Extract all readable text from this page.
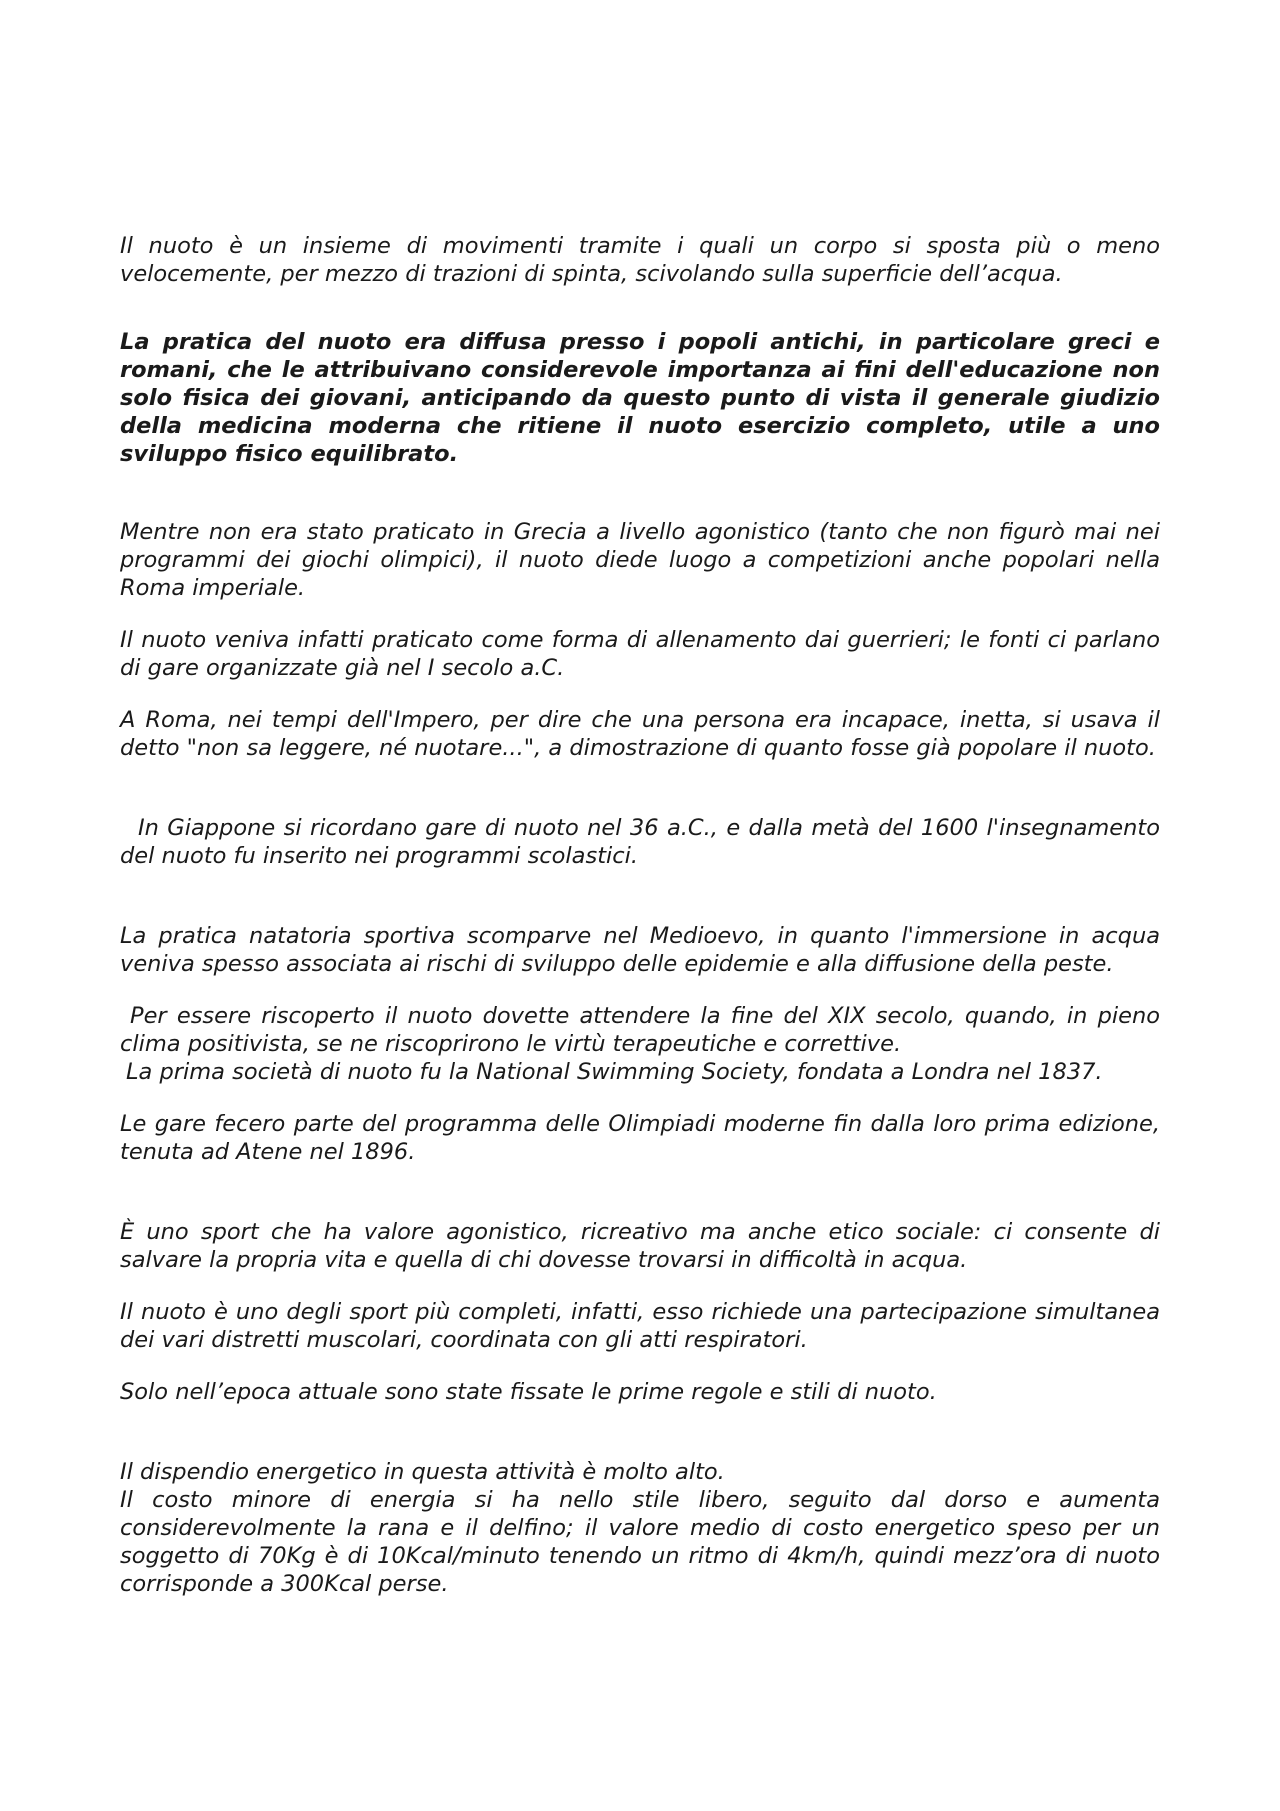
Il nuoto è un insieme di movimenti tramite i quali un corpo si sposta più o meno velocemente, per mezzo di trazioni di spinta, scivolando sulla superficie dell’acqua.

La pratica del nuoto era diffusa presso i popoli antichi, in particolare greci e romani, che le attribuivano considerevole importanza ai fini dell'educazione non solo fisica dei giovani, anticipando da questo punto di vista il generale giudizio della medicina moderna che ritiene il nuoto esercizio completo, utile a uno sviluppo fisico equilibrato.

Mentre non era stato praticato in Grecia a livello agonistico (tanto che non figurò mai nei programmi dei giochi olimpici), il nuoto diede luogo a competizioni anche popolari nella Roma imperiale.

Il nuoto veniva infatti praticato come forma di allenamento dai guerrieri; le fonti ci parlano di gare organizzate già nel I secolo a.C.

A Roma, nei tempi dell'Impero, per dire che una persona era incapace, inetta, si usava il detto "non sa leggere, né nuotare...", a dimostrazione di quanto fosse già popolare il nuoto.

In Giappone si ricordano gare di nuoto nel 36 a.C., e dalla metà del 1600 l'insegnamento del nuoto fu inserito nei programmi scolastici.

La pratica natatoria sportiva scomparve nel Medioevo, in quanto l'immersione in acqua veniva spesso associata ai rischi di sviluppo delle epidemie e alla diffusione della peste.

Per essere riscoperto il nuoto dovette attendere la fine del XIX secolo, quando, in pieno clima positivista, se ne riscoprirono le virtù terapeutiche e correttive.

La prima società di nuoto fu la National Swimming Society, fondata a Londra nel 1837.

Le gare fecero parte del programma delle Olimpiadi moderne fin dalla loro prima edizione, tenuta ad Atene nel 1896.

È uno sport che ha valore agonistico, ricreativo ma anche etico sociale: ci consente di salvare la propria vita e quella di chi dovesse trovarsi in difficoltà in acqua.

Il nuoto è uno degli sport più completi, infatti, esso richiede una partecipazione simultanea dei vari distretti muscolari, coordinata con gli atti respiratori.

Solo nell’epoca attuale sono state fissate le prime regole e stili di nuoto.

Il dispendio energetico in questa attività è molto alto.

Il costo minore di energia si ha nello stile libero, seguito dal dorso e aumenta considerevolmente la rana e il delfino; il valore medio di costo energetico speso per un soggetto di 70Kg è di 10Kcal/minuto tenendo un ritmo di 4km/h, quindi mezz’ora di nuoto corrisponde a 300Kcal perse.
